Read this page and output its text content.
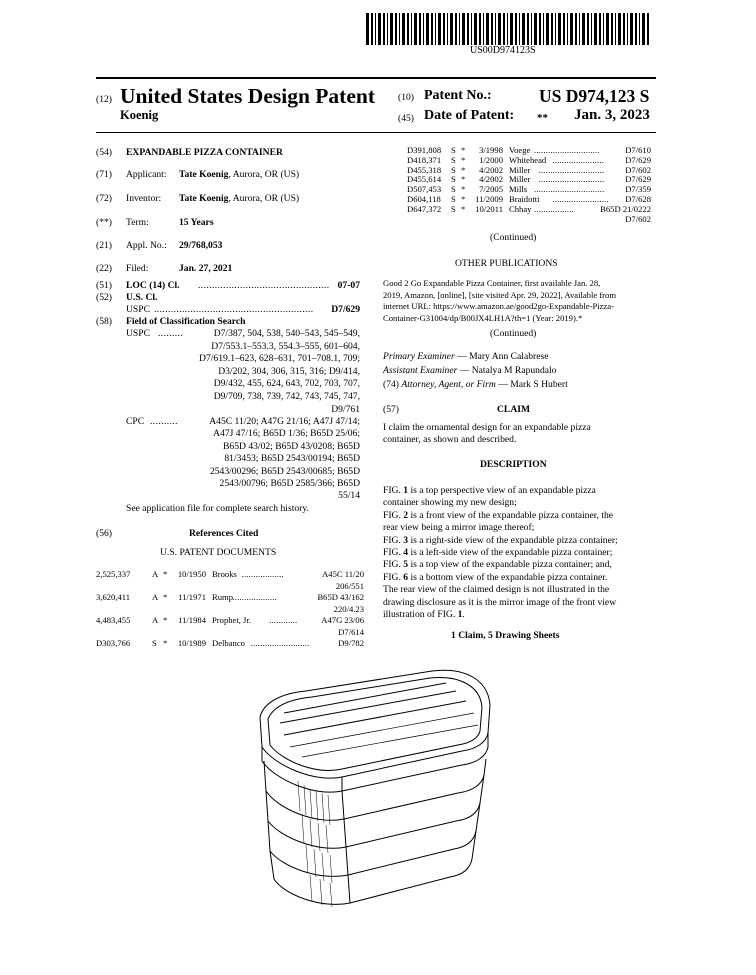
US00D974123S
(12) United States Design Patent
Koenig
(10) Patent No.:	US D974,123 S
(45) Date of Patent: ** Jan. 3, 2023
(54) EXPANDABLE PIZZA CONTAINER
(71) Applicant: Tate Koenig, Aurora, OR (US)
(72) Inventor: Tate Koenig, Aurora, OR (US)
(**) Term:	15 Years
(21) Appl. No.: 29/768,053
(22) Filed:	Jan. 27, 2021
(51) LOC (14) Cl. ............................................... 07-07
(52) U.S. Cl.
USPC ......................................................... D7/629
(58) Field of Classification Search
USPC .........	D7/387, 504, 538, 540–543, 545–549,
D7/553.1–553.3, 554.3–555, 601–604,
D7/619.1–623, 628–631, 701–708.1, 709;
D3/202, 304, 306, 315, 316; D9/414,
D9/432, 455, 624, 643, 702, 703, 707,
D9/709, 738, 739, 742, 743, 745, 747,
D9/761
CPC ..........	A45C 11/20; A47G 21/16; A47J 47/14;
A47J 47/16; B65D 1/36; B65D 25/06;
B65D 43/02; B65D 43/0208; B65D
81/3453; B65D 2543/00194; B65D
2543/00296; B65D 2543/00685; B65D
2543/00796; B65D 2585/366; B65D
55/14
See application file for complete search history.
(56)	References Cited
U.S. PATENT DOCUMENTS
2,525,337	A *	10/1950 Brooks ..................	A45C 11/20
206/551
3,620,411	A *	11/1971 Rump ...................	B65D 43/162
220/4.23
4,483,455	A *	11/1984 Prophet, Jr. ............	A47G 23/06
D7/614
D303,766	S *	10/1989 Delbanco .........................	D9/782
D391,808 S *	3/1998 Voege ............................	D7/610
D418,371 S *	1/2000 Whitehead ...................... D7/629
D455,318 S *	4/2002 Miller ............................ D7/602
D455,614 S *	4/2002 Miller ............................ D7/629
D507,453 S *	7/2005 Mills .............................. D7/359
D604,118 S *	11/2009 Braidotti ........................ D7/628
D647,372 S *	10/2011 Chhay .................	B65D 21/0222
D7/602
(Continued)
OTHER PUBLICATIONS
Good 2 Go Expandable Pizza Container, first available Jan. 28,
2019, Amazon, [online], [site visited Apr. 29, 2022], Available from
internet URL: https://www.amazon.ae/good2go-Expandable-Pizza-
Container-G31004/dp/B00JX4LH1A?th=1 (Year: 2019).*
(Continued)
Primary Examiner — Mary Ann Calabrese
Assistant Examiner — Natalya M Rapundalo
(74) Attorney, Agent, or Firm — Mark S Hubert
(57)	CLAIM
I claim the ornamental design for an expandable pizza
container, as shown and described.
DESCRIPTION
FIG. 1 is a top perspective view of an expandable pizza
container showing my new design;
FIG. 2 is a front view of the expandable pizza container, the
rear view being a mirror image thereof;
FIG. 3 is a right-side view of the expandable pizza container;
FIG. 4 is a left-side view of the expandable pizza container;
FIG. 5 is a top view of the expandable pizza container; and,
FIG. 6 is a bottom view of the expandable pizza container.
The rear view of the claimed design is not illustrated in the
drawing disclosure as it is the mirror image of the front view
illustration of FIG. 1.
1 Claim, 5 Drawing Sheets
